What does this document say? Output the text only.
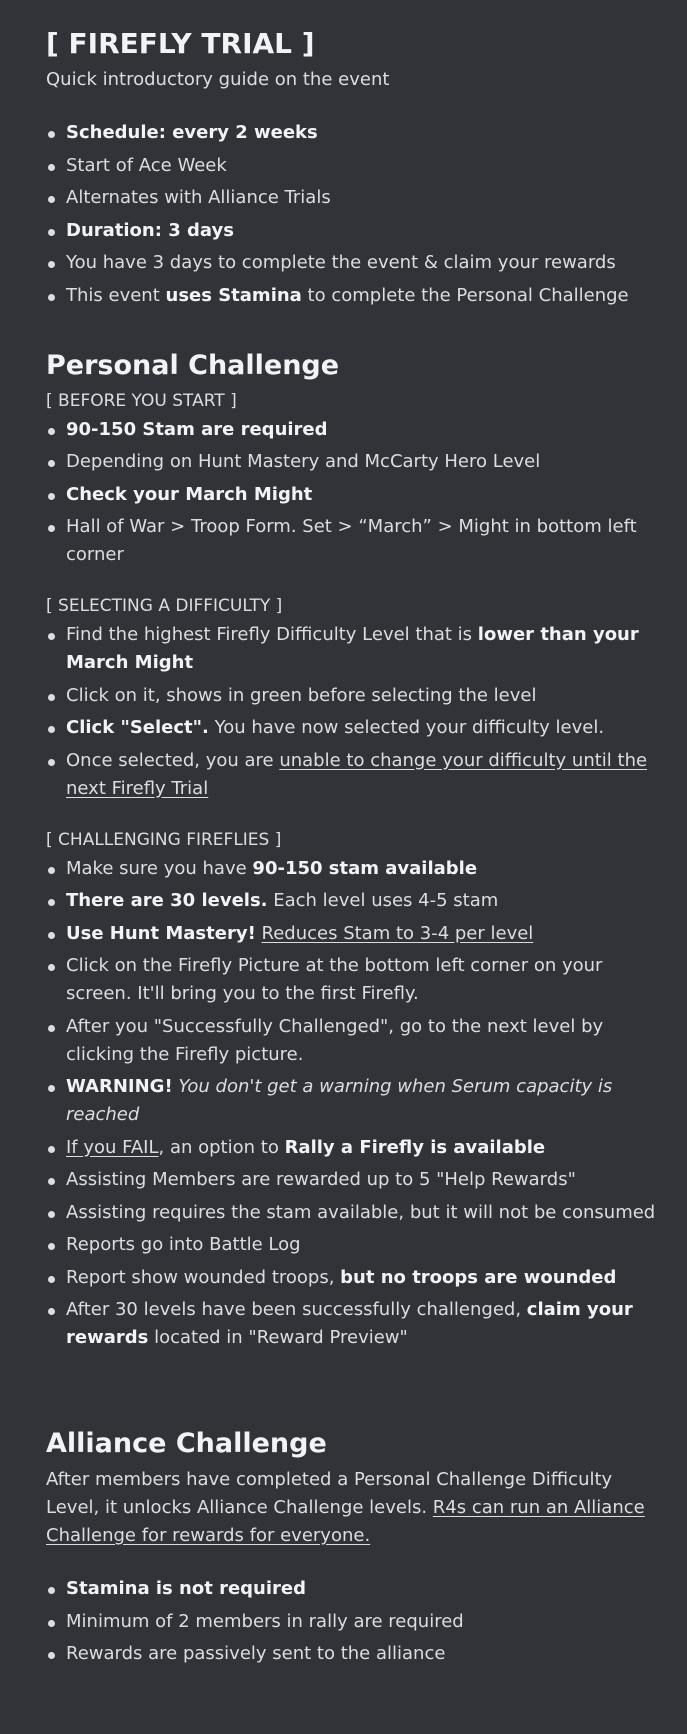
[ FIREFLY TRIAL ]

Quick introductory guide on the event

Schedule: every 2 weeks
Start of Ace Week
Alternates with Alliance Trials
Duration: 3 days
You have 3 days to complete the event & claim your rewards
This event uses Stamina to complete the Personal Challenge
Personal Challenge
[ BEFORE YOU START ]
90-150 Stam are required
Depending on Hunt Mastery and McCarty Hero Level
Check your March Might
Hall of War > Troop Form. Set > “March” > Might in bottom left corner
[ SELECTING A DIFFICULTY ]
Find the highest Firefly Difficulty Level that is lower than your March Might
Click on it, shows in green before selecting the level
Click "Select". You have now selected your difficulty level.
Once selected, you are unable to change your difficulty until the next Firefly Trial
[ CHALLENGING FIREFLIES ]
Make sure you have 90-150 stam available
There are 30 levels. Each level uses 4-5 stam
Use Hunt Mastery! Reduces Stam to 3-4 per level
Click on the Firefly Picture at the bottom left corner on your screen. It'll bring you to the first Firefly.
After you "Successfully Challenged", go to the next level by clicking the Firefly picture.
WARNING! You don't get a warning when Serum capacity is reached
If you FAIL, an option to Rally a Firefly is available
Assisting Members are rewarded up to 5 "Help Rewards"
Assisting requires the stam available, but it will not be consumed
Reports go into Battle Log
Report show wounded troops, but no troops are wounded
After 30 levels have been successfully challenged, claim your rewards located in "Reward Preview"
Alliance Challenge

After members have completed a Personal Challenge Difficulty Level, it unlocks Alliance Challenge levels. R4s can run an Alliance Challenge for rewards for everyone.

Stamina is not required
Minimum of 2 members in rally are required
Rewards are passively sent to the alliance
